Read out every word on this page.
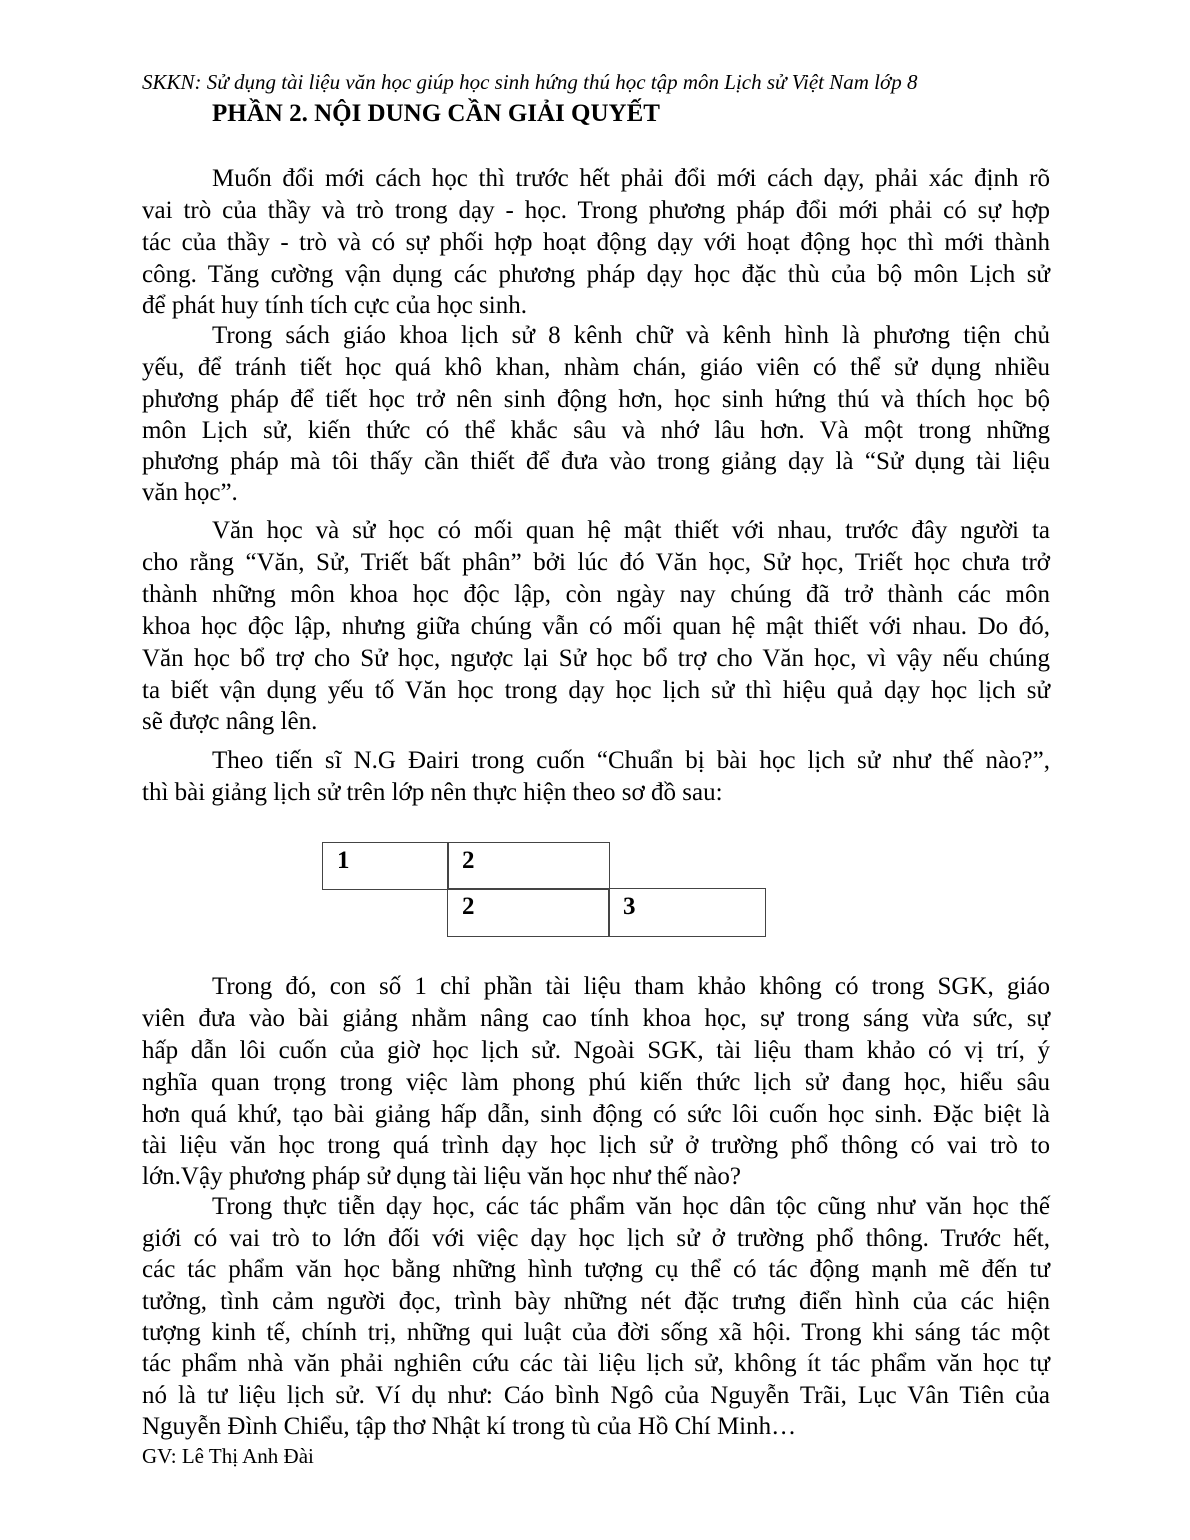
SKKN: Sử dụng tài liệu văn học giúp học sinh hứng thú học tập môn Lịch sử Việt Nam lớp 8
PHẦN 2. NỘI DUNG CẦN GIẢI QUYẾT
Muốn đổi mới cách học thì trước hết phải đổi mới cách dạy, phải xác định rõ
vai trò của thầy và trò trong dạy - học. Trong phương pháp đổi mới phải có sự hợp
tác của thầy - trò và có sự phối hợp hoạt động dạy với hoạt động học thì mới thành
công. Tăng cường vận dụng các phương pháp dạy học đặc thù của bộ môn Lịch sử
để phát huy tính tích cực của học sinh.
Trong sách giáo khoa lịch sử 8 kênh chữ và kênh hình là phương tiện chủ
yếu, để tránh tiết học quá khô khan, nhàm chán, giáo viên có thể sử dụng nhiều
phương pháp để tiết học trở nên sinh động hơn, học sinh hứng thú và thích học bộ
môn Lịch sử, kiến thức có thể khắc sâu và nhớ lâu hơn. Và một trong những
phương pháp mà tôi thấy cần thiết để đưa vào trong giảng dạy là “Sử dụng tài liệu
văn học”.
Văn học và sử học có mối quan hệ mật thiết với nhau, trước đây người ta
cho rằng “Văn, Sử, Triết bất phân” bởi lúc đó Văn học, Sử học, Triết học chưa trở
thành những môn khoa học độc lập, còn ngày nay chúng đã trở thành các môn
khoa học độc lập, nhưng giữa chúng vẫn có mối quan hệ mật thiết với nhau. Do đó,
Văn học bổ trợ cho Sử học, ngược lại Sử học bổ trợ cho Văn học, vì vậy nếu chúng
ta biết vận dụng yếu tố Văn học trong dạy học lịch sử thì hiệu quả dạy học lịch sử
sẽ được nâng lên.
Theo tiến sĩ N.G Đairi trong cuốn “Chuẩn bị bài học lịch sử như thế nào?”,
thì bài giảng lịch sử trên lớp nên thực hiện theo sơ đồ sau:
1	2
2	3
Trong đó, con số 1 chỉ phần tài liệu tham khảo không có trong SGK, giáo
viên đưa vào bài giảng nhằm nâng cao tính khoa học, sự trong sáng vừa sức, sự
hấp dẫn lôi cuốn của giờ học lịch sử. Ngoài SGK, tài liệu tham khảo có vị trí, ý
nghĩa quan trọng trong việc làm phong phú kiến thức lịch sử đang học, hiểu sâu
hơn quá khứ, tạo bài giảng hấp dẫn, sinh động có sức lôi cuốn học sinh. Đặc biệt là
tài liệu văn học trong quá trình dạy học lịch sử ở trường phổ thông có vai trò to
lớn.Vậy phương pháp sử dụng tài liệu văn học như thế nào?
Trong thực tiễn dạy học, các tác phẩm văn học dân tộc cũng như văn học thế
giới có vai trò to lớn đối với việc dạy học lịch sử ở trường phổ thông. Trước hết,
các tác phẩm văn học bằng những hình tượng cụ thể có tác động mạnh mẽ đến tư
tưởng, tình cảm người đọc, trình bày những nét đặc trưng điển hình của các hiện
tượng kinh tế, chính trị, những qui luật của đời sống xã hội. Trong khi sáng tác một
tác phẩm nhà văn phải nghiên cứu các tài liệu lịch sử, không ít tác phẩm văn học tự
nó là tư liệu lịch sử. Ví dụ như: Cáo bình Ngô của Nguyễn Trãi, Lục Vân Tiên của
Nguyễn Đình Chiểu, tập thơ Nhật kí trong tù của Hồ Chí Minh…
GV: Lê Thị Anh Đài
